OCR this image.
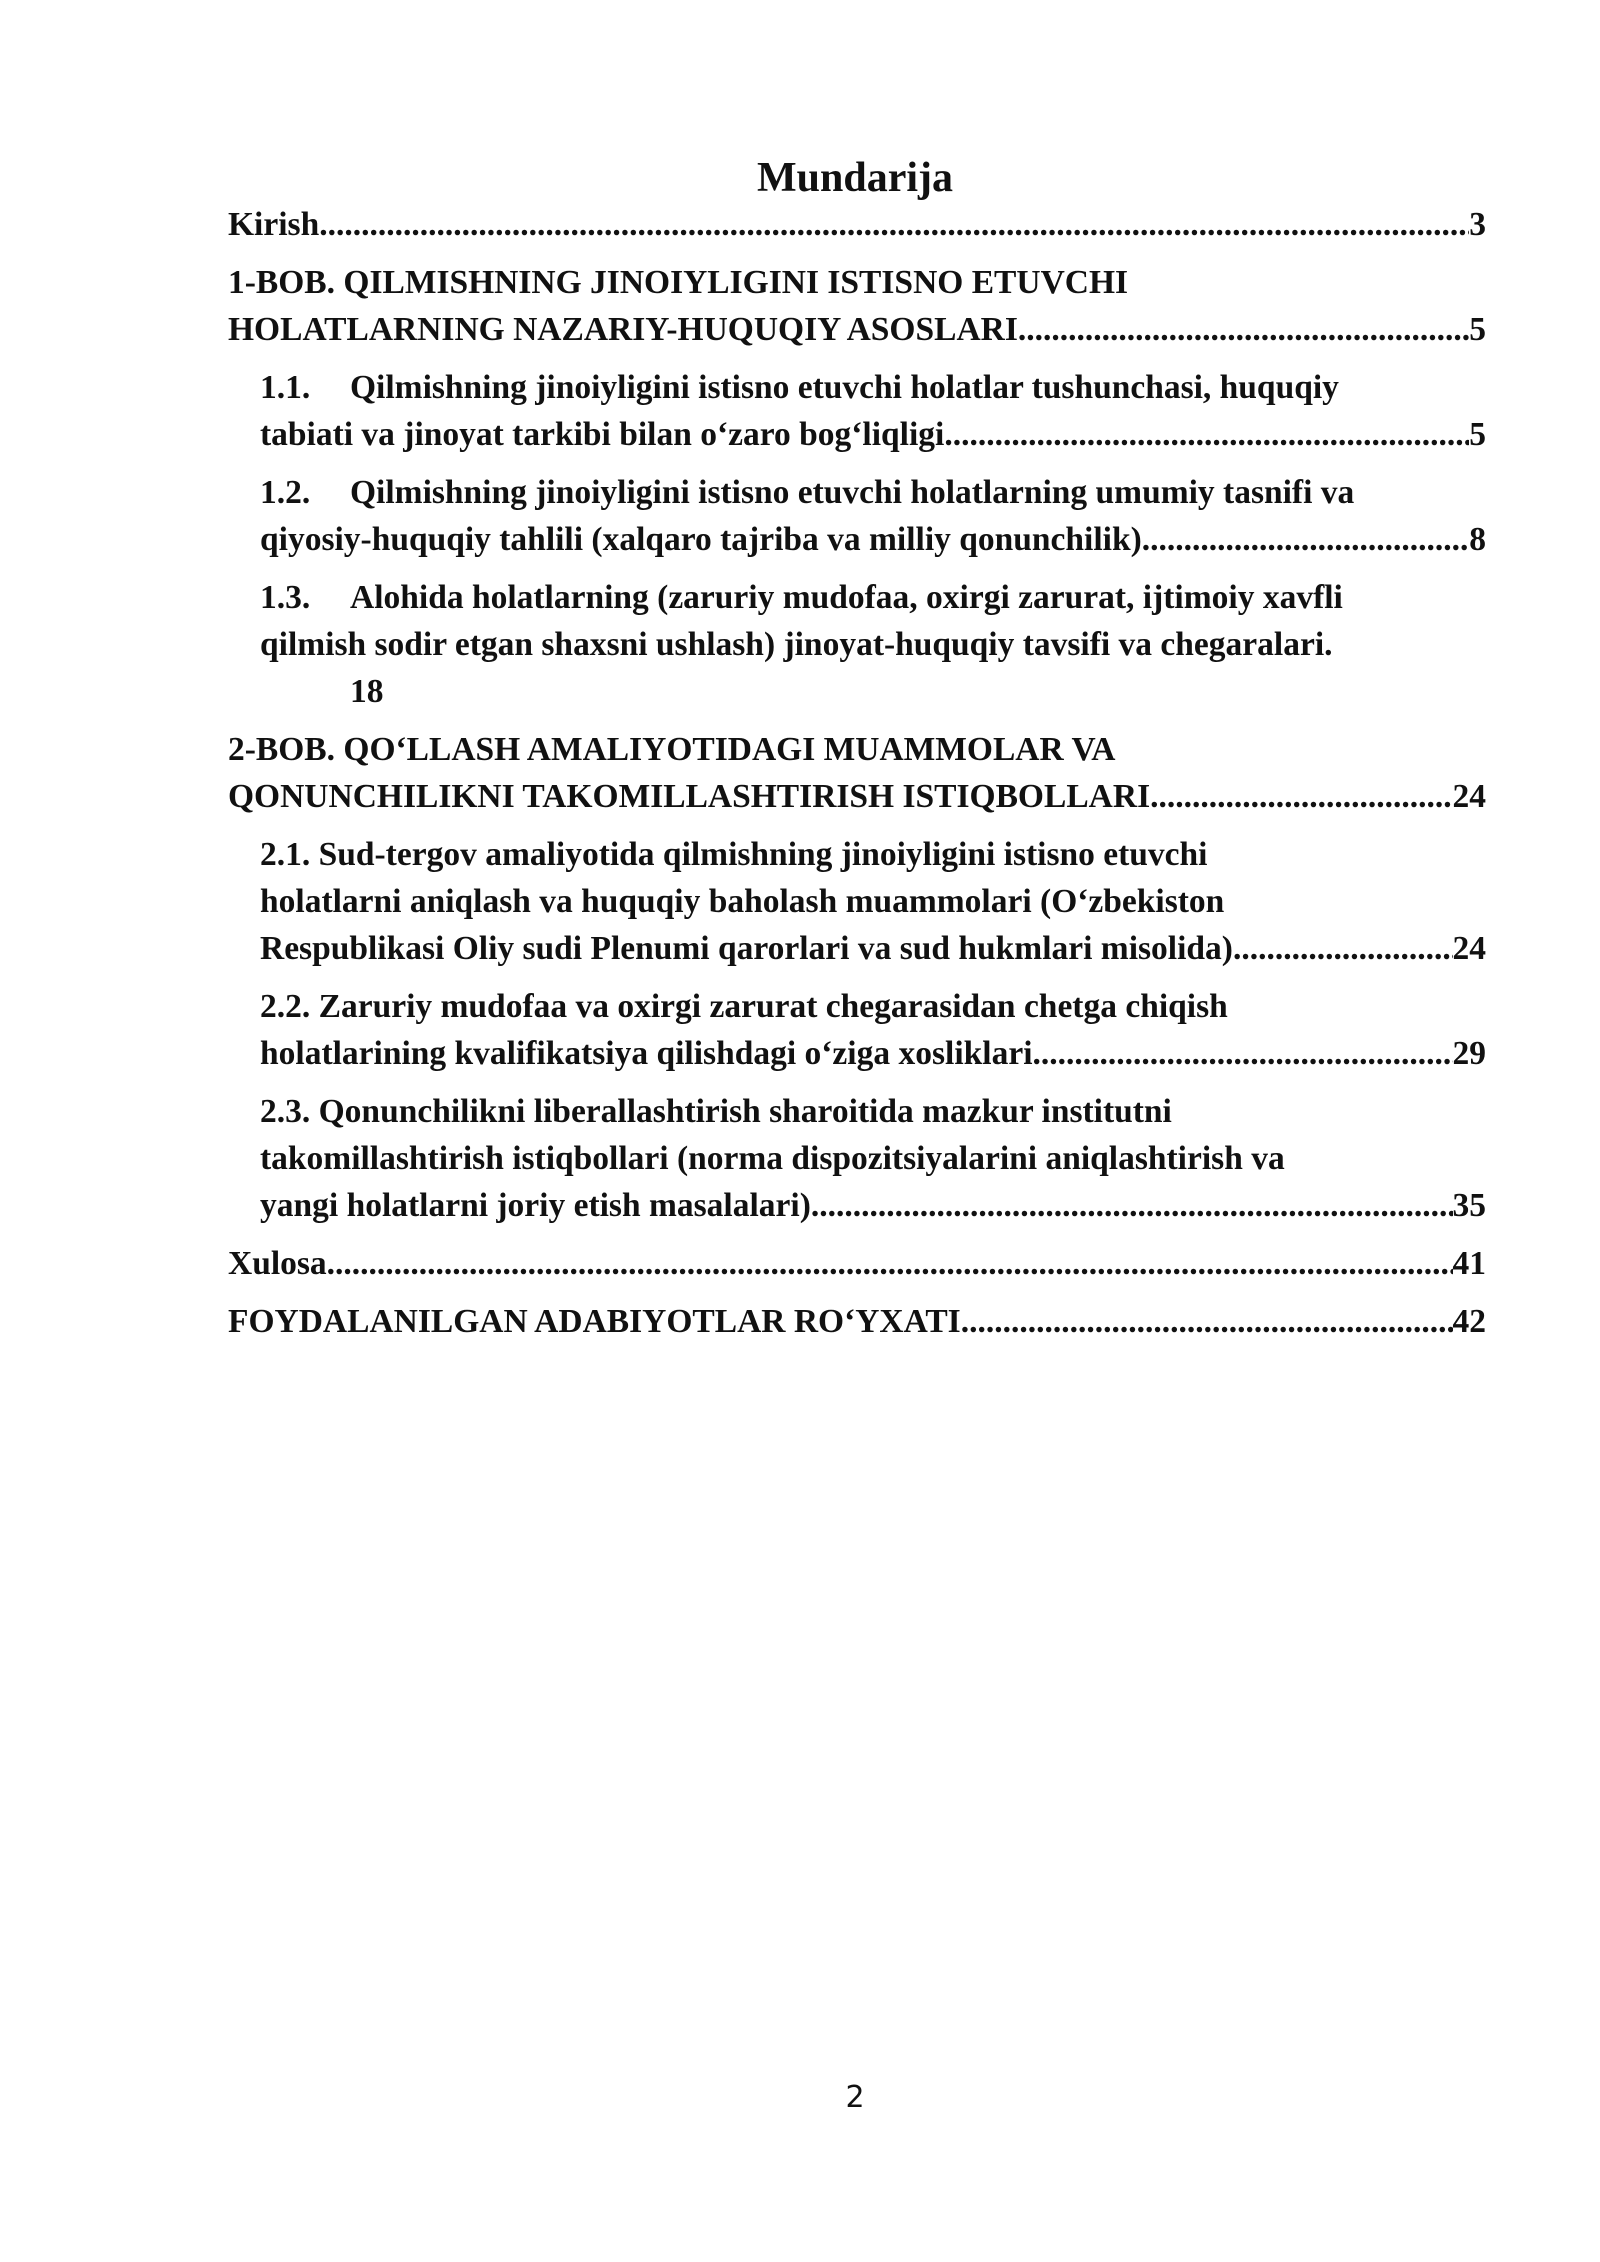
Mundarija
Kirish .....	3
1-BOB. QILMISHNING JINOIYLIGINI ISTISNO ETUVCHI
HOLATLARNING NAZARIY-HUQUQIY ASOSLARI .....	5
1.1.	Qilmishning jinoiyligini istisno etuvchi holatlar tushunchasi, huquqiy
tabiati va jinoyat tarkibi bilan o‘zaro bog‘liqligi .....	5
1.2.	Qilmishning jinoiyligini istisno etuvchi holatlarning umumiy tasnifi va
qiyosiy-huquqiy tahlili (xalqaro tajriba va milliy qonunchilik) .....	8
1.3.	Alohida holatlarning (zaruriy mudofaa, oxirgi zarurat, ijtimoiy xavfli
qilmish sodir etgan shaxsni ushlash) jinoyat-huquqiy tavsifi va chegaralari.
18
2-BOB. QO‘LLASH AMALIYOTIDAGI MUAMMOLAR VA
QONUNCHILIKNI TAKOMILLASHTIRISH ISTIQBOLLARI .....	24
2.1. Sud-tergov amaliyotida qilmishning jinoiyligini istisno etuvchi
holatlarni aniqlash va huquqiy baholash muammolari (O‘zbekiston
Respublikasi Oliy sudi Plenumi qarorlari va sud hukmlari misolida) .....	24
2.2. Zaruriy mudofaa va oxirgi zarurat chegarasidan chetga chiqish
holatlarining kvalifikatsiya qilishdagi o‘ziga xosliklari .....	29
2.3. Qonunchilikni liberallashtirish sharoitida mazkur institutni
takomillashtirish istiqbollari (norma dispozitsiyalarini aniqlashtirish va
yangi holatlarni joriy etish masalalari) .....	35
Xulosa .....	41
FOYDALANILGAN ADABIYOTLAR RO‘YXATI .....	42
2
